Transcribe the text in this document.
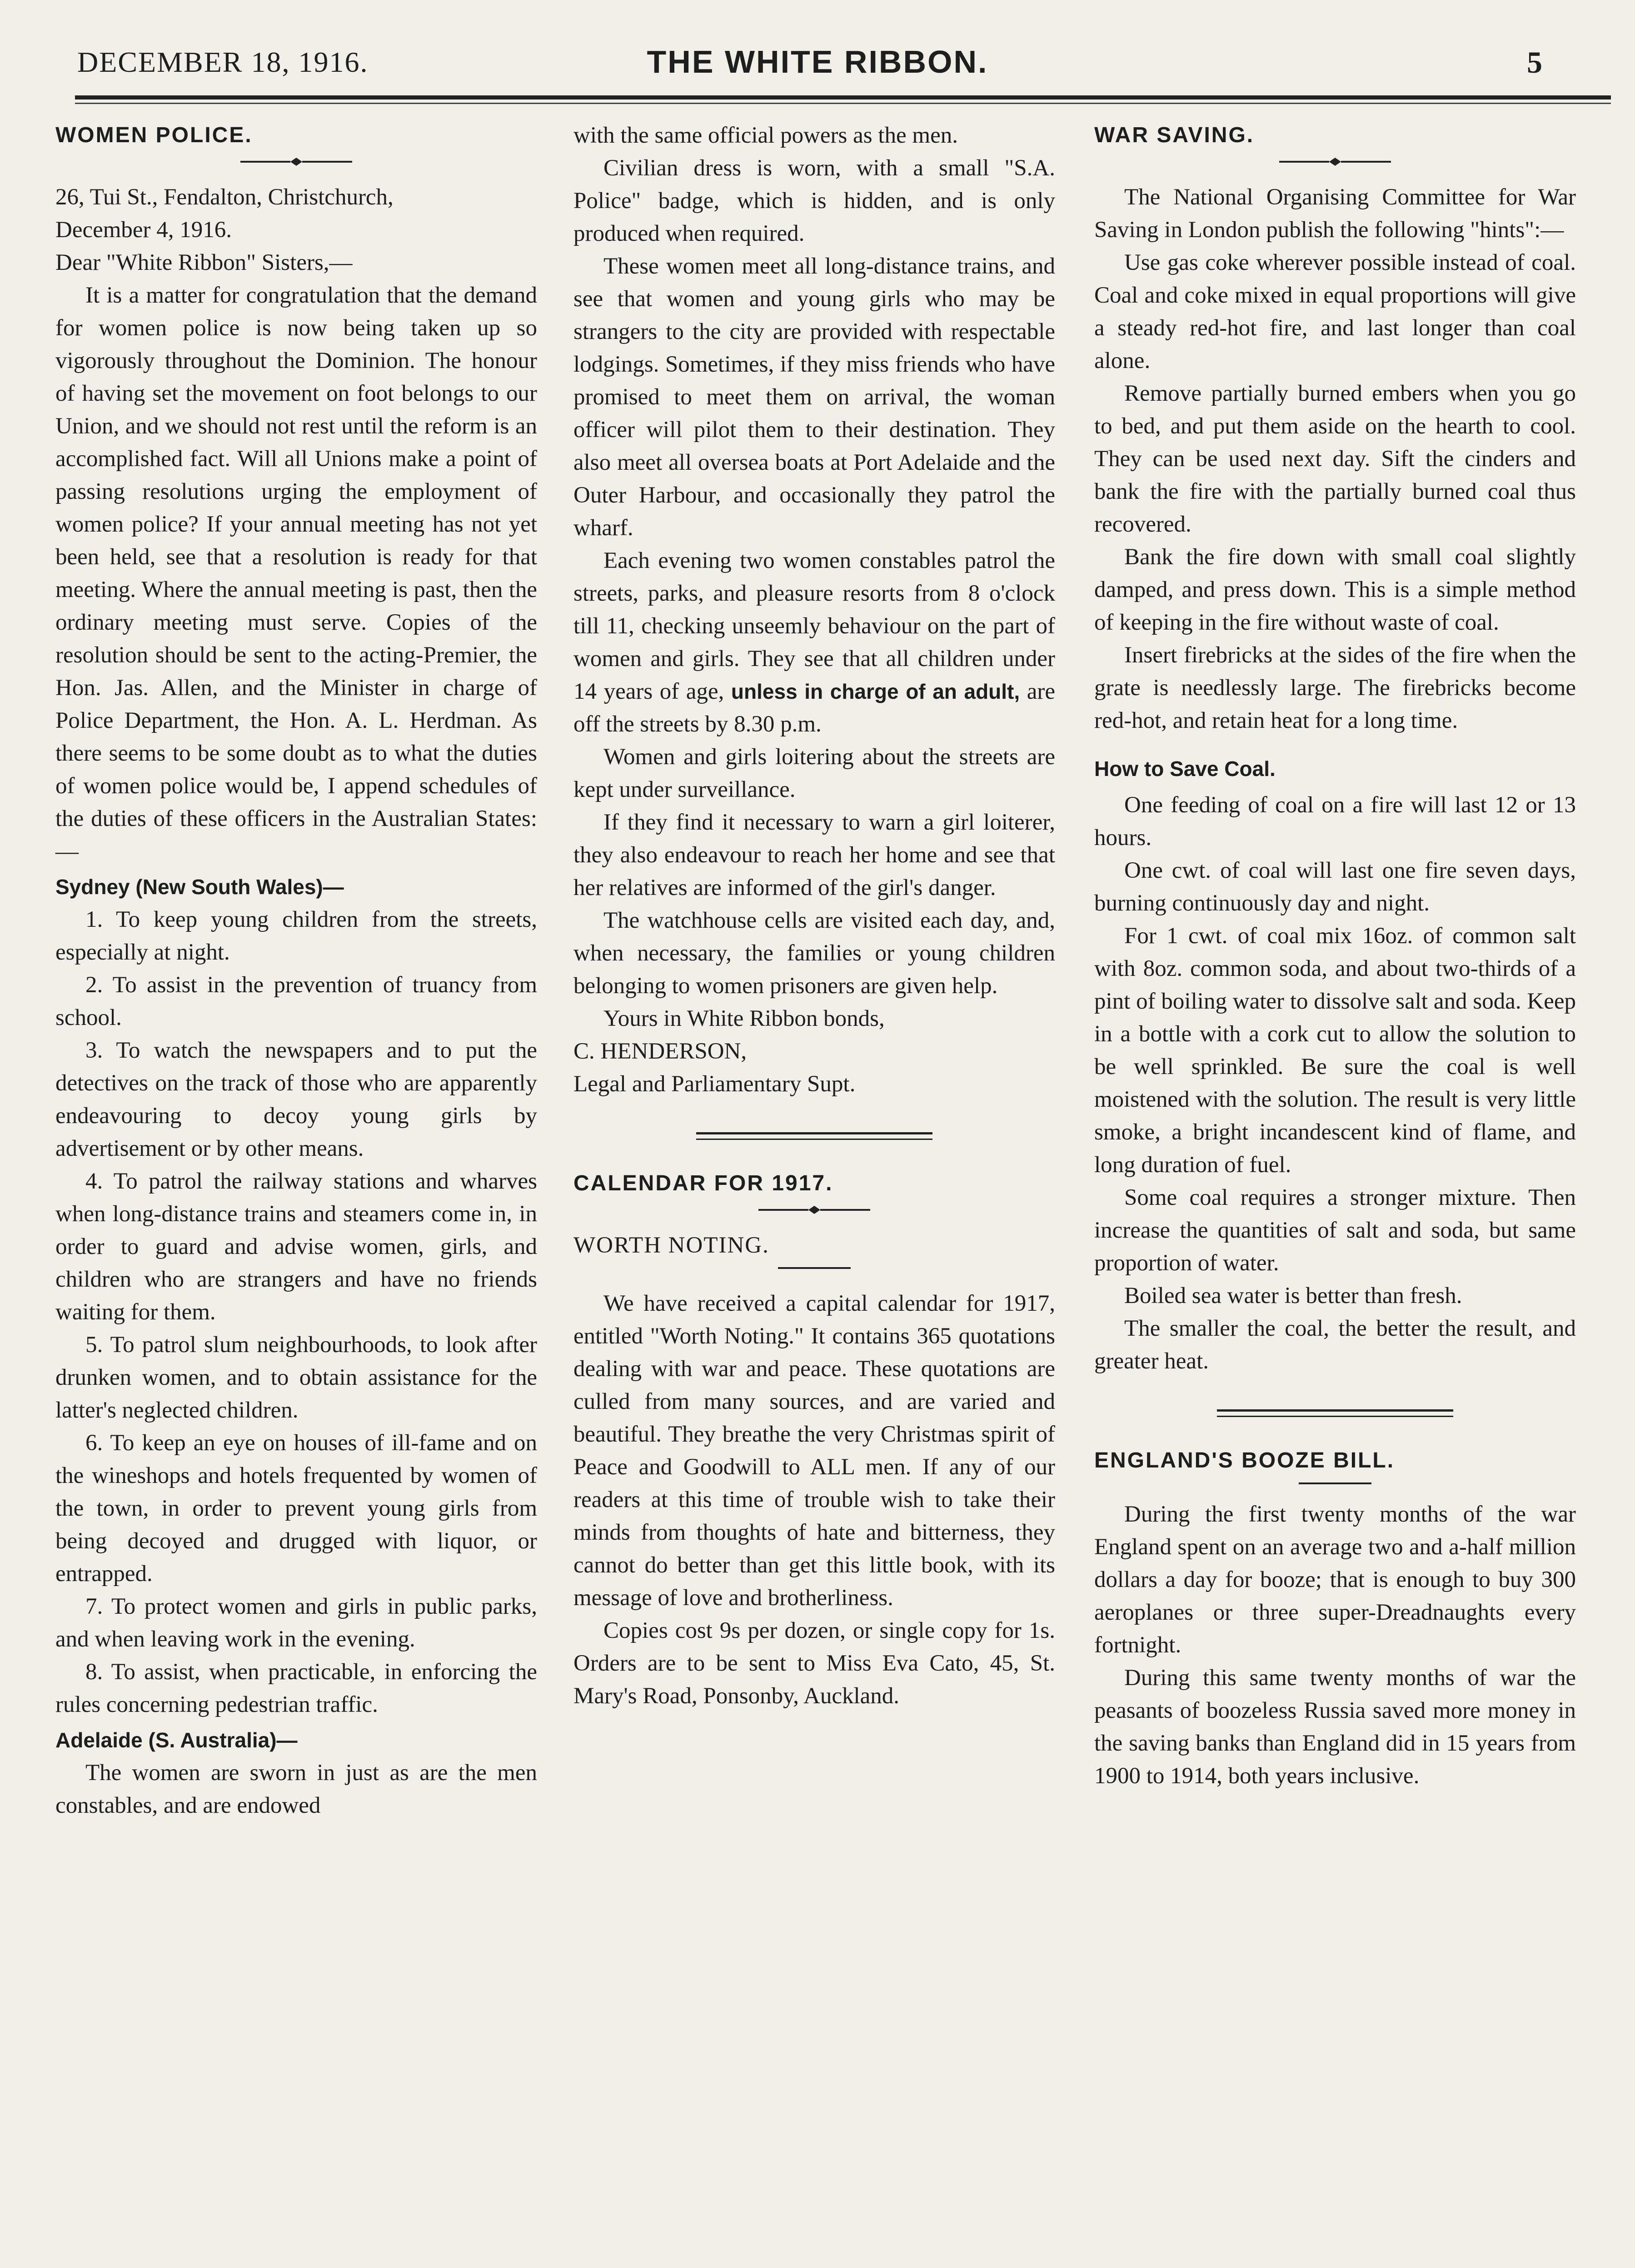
DECEMBER 18, 1916.	THE WHITE RIBBON.	5

WOMEN POLICE.

26, Tui St., Fendalton, Christchurch,

December 4, 1916.

Dear "White Ribbon" Sisters,—

It is a matter for congratulation that the demand for women police is now being taken up so vigorously throughout the Dominion. The honour of having set the movement on foot belongs to our Union, and we should not rest until the reform is an accomplished fact. Will all Unions make a point of passing resolutions urging the employment of women police? If your annual meeting has not yet been held, see that a resolution is ready for that meeting. Where the annual meeting is past, then the ordinary meeting must serve. Copies of the resolution should be sent to the acting-Premier, the Hon. Jas. Allen, and the Minister in charge of Police Department, the Hon. A. L. Herdman. As there seems to be some doubt as to what the duties of women police would be, I append schedules of the duties of these officers in the Australian States:—

Sydney (New South Wales)—

1. To keep young children from the streets, especially at night.

2. To assist in the prevention of truancy from school.

3. To watch the newspapers and to put the detectives on the track of those who are apparently endeavouring to decoy young girls by advertisement or by other means.

4. To patrol the railway stations and wharves when long-distance trains and steamers come in, in order to guard and advise women, girls, and children who are strangers and have no friends waiting for them.

5. To patrol slum neighbourhoods, to look after drunken women, and to obtain assistance for the latter's neglected children.

6. To keep an eye on houses of ill-fame and on the wineshops and hotels frequented by women of the town, in order to prevent young girls from being decoyed and drugged with liquor, or entrapped.

7. To protect women and girls in public parks, and when leaving work in the evening.

8. To assist, when practicable, in enforcing the rules concerning pedestrian traffic.

Adelaide (S. Australia)—

The women are sworn in just as are the men constables, and are endowed

with the same official powers as the men.

Civilian dress is worn, with a small "S.A. Police" badge, which is hidden, and is only produced when required.

These women meet all long-distance trains, and see that women and young girls who may be strangers to the city are provided with respectable lodgings. Sometimes, if they miss friends who have promised to meet them on arrival, the woman officer will pilot them to their destination. They also meet all oversea boats at Port Adelaide and the Outer Harbour, and occasionally they patrol the wharf.

Each evening two women constables patrol the streets, parks, and pleasure resorts from 8 o'clock till 11, checking unseemly behaviour on the part of women and girls. They see that all children under 14 years of age, unless in charge of an adult, are off the streets by 8.30 p.m.

Women and girls loitering about the streets are kept under surveillance.

If they find it necessary to warn a girl loiterer, they also endeavour to reach her home and see that her relatives are informed of the girl's danger.

The watchhouse cells are visited each day, and, when necessary, the families or young children belonging to women prisoners are given help.

Yours in White Ribbon bonds,

C. HENDERSON,

Legal and Parliamentary Supt.

CALENDAR FOR 1917.

WORTH NOTING.

We have received a capital calendar for 1917, entitled "Worth Noting." It contains 365 quotations dealing with war and peace. These quotations are culled from many sources, and are varied and beautiful. They breathe the very Christmas spirit of Peace and Goodwill to ALL men. If any of our readers at this time of trouble wish to take their minds from thoughts of hate and bitterness, they cannot do better than get this little book, with its message of love and brotherliness.

Copies cost 9s per dozen, or single copy for 1s. Orders are to be sent to Miss Eva Cato, 45, St. Mary's Road, Ponsonby, Auckland.

WAR SAVING.

The National Organising Committee for War Saving in London publish the following "hints":—

Use gas coke wherever possible instead of coal. Coal and coke mixed in equal proportions will give a steady red-hot fire, and last longer than coal alone.

Remove partially burned embers when you go to bed, and put them aside on the hearth to cool. They can be used next day. Sift the cinders and bank the fire with the partially burned coal thus recovered.

Bank the fire down with small coal slightly damped, and press down. This is a simple method of keeping in the fire without waste of coal.

Insert firebricks at the sides of the fire when the grate is needlessly large. The firebricks become red-hot, and retain heat for a long time.

How to Save Coal.

One feeding of coal on a fire will last 12 or 13 hours.

One cwt. of coal will last one fire seven days, burning continuously day and night.

For 1 cwt. of coal mix 16oz. of common salt with 8oz. common soda, and about two-thirds of a pint of boiling water to dissolve salt and soda. Keep in a bottle with a cork cut to allow the solution to be well sprinkled. Be sure the coal is well moistened with the solution. The result is very little smoke, a bright incandescent kind of flame, and long duration of fuel.

Some coal requires a stronger mixture. Then increase the quantities of salt and soda, but same proportion of water.

Boiled sea water is better than fresh.

The smaller the coal, the better the result, and greater heat.

ENGLAND'S BOOZE BILL.

During the first twenty months of the war England spent on an average two and a-half million dollars a day for booze; that is enough to buy 300 aeroplanes or three super-Dreadnaughts every fortnight.

During this same twenty months of war the peasants of boozeless Russia saved more money in the saving banks than England did in 15 years from 1900 to 1914, both years inclusive.
